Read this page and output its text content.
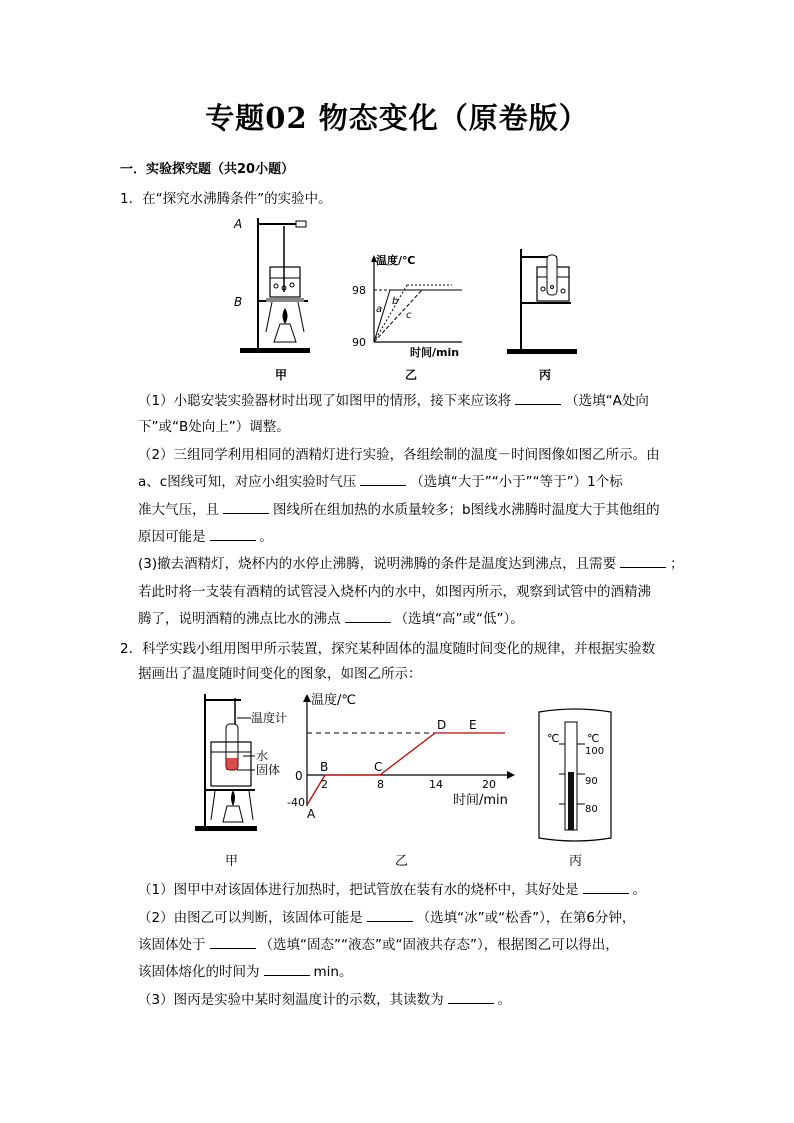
专题02 物态变化（原卷版）
一．实验探究题（共20小题）
1．在“探究水沸腾条件”的实验中。
A
B
温度/℃
98
90
时间/min
a
b
c
甲	乙	丙
（1）小聪安装实验器材时出现了如图甲的情形，接下来应该将	（选填“A处向
下”或“B处向上”）调整。
（2）三组同学利用相同的酒精灯进行实验，各组绘制的温度－时间图像如图乙所示。由
a、c图线可知，对应小组实验时气压	（选填“大于”“小于”“等于”）1个标
准大气压，且	图线所在组加热的水质量较多；b图线水沸腾时温度大于其他组的
原因可能是	。
(3)撤去酒精灯，烧杯内的水停止沸腾，说明沸腾的条件是温度达到沸点，且需要	；
若此时将一支装有酒精的试管浸入烧杯内的水中，如图丙所示，观察到试管中的酒精沸
腾了，说明酒精的沸点比水的沸点	（选填“高”或“低”）。
2．科学实践小组用图甲所示装置，探究某种固体的温度随时间变化的规律，并根据实验数
据画出了温度随时间变化的图象，如图乙所示：
温度计
水
固体
温度/℃
0
-40
2	8	14	20
时间/min
A
B	C
D E
℃	℃
100
90
80
甲	乙	丙
（1）图甲中对该固体进行加热时，把试管放在装有水的烧杯中，其好处是	。
（2）由图乙可以判断，该固体可能是	（选填“冰”或“松香”），在第6分钟，
该固体处于	（选填“固态”“液态”或“固液共存态”），根据图乙可以得出，
该固体熔化的时间为	min。
（3）图丙是实验中某时刻温度计的示数，其读数为	。
